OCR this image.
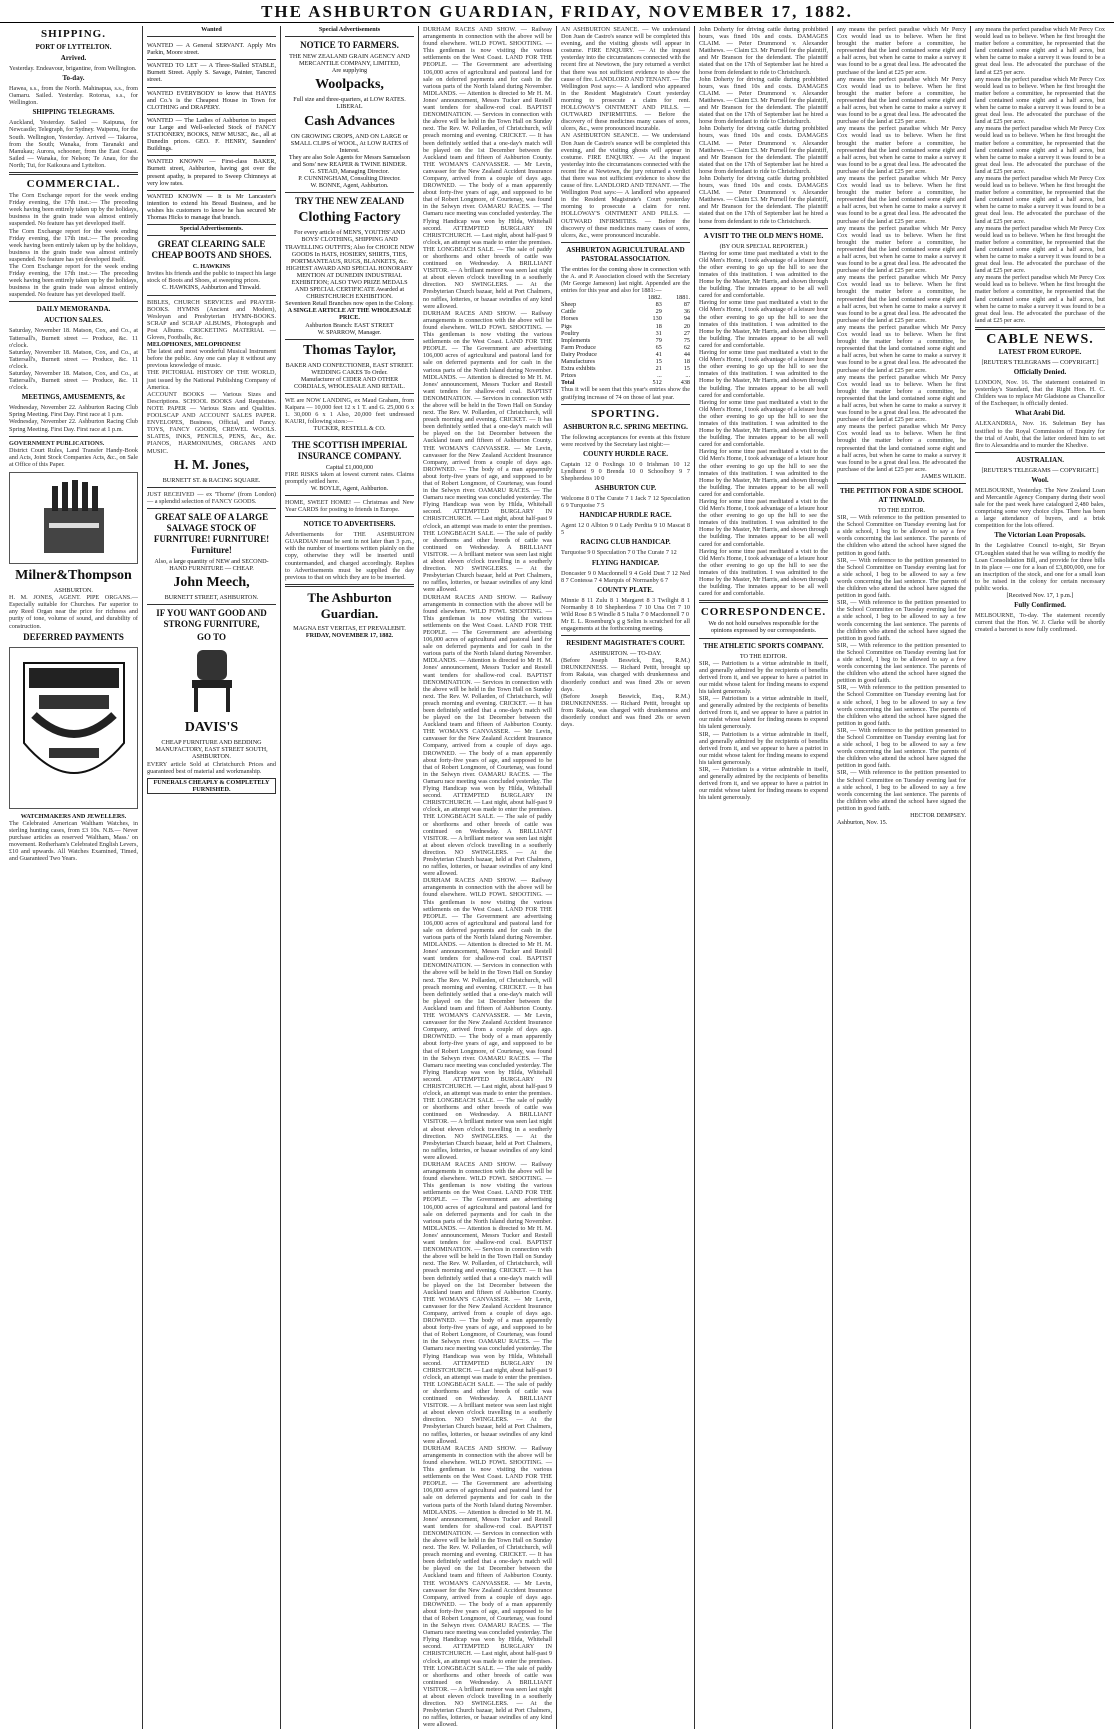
THE ASHBURTON GUARDIAN, FRIDAY, NOVEMBER 17, 1882.
SHIPPING.
PORT OF LYTTELTON.
Arrived.
Yesterday. Endeavour, brigantine, from Wellington.
To-day.
Hawea, s.s., from the North. Mahinapua, s.s., from Oamaru. Sailed. Yesterday. Rotorua, s.s., for Wellington.
SHIPPING TELEGRAMS.
Auckland, Yesterday. Sailed — Kaipuna, for Newcastle; Telegraph, for Sydney. Waipenu, for the South. Wellington, Yesterday. Arrived — Takaroa, from the South; Wanaka, from Taranaki and Manukau; Aurora, schooner, from the East Coast. Sailed — Wanaka, for Nelson; Te Anau, for the North; Tui, for Kaikoura and Lyttelton.
COMMERCIAL.
The Corn Exchange report for the week ending Friday evening, the 17th inst.:— The preceding week having been entirely taken up by the holidays, business in the grain trade was almost entirely suspended. No feature has yet developed itself.
The Corn Exchange report for the week ending Friday evening, the 17th inst.:— The preceding week having been entirely taken up by the holidays, business in the grain trade was almost entirely suspended. No feature has yet developed itself.
The Corn Exchange report for the week ending Friday evening, the 17th inst.:— The preceding week having been entirely taken up by the holidays, business in the grain trade was almost entirely suspended. No feature has yet developed itself.
DAILY MEMORANDA.
AUCTION SALES.
Saturday, November 18. Matson, Cox, and Co., at Tattersall's, Burnett street — Produce, &c. 11 o'clock.
Saturday, November 18. Matson, Cox, and Co., at Tattersall's, Burnett street — Produce, &c. 11 o'clock.
Saturday, November 18. Matson, Cox, and Co., at Tattersall's, Burnett street — Produce, &c. 11 o'clock.
MEETINGS, AMUSEMENTS, &c
Wednesday, November 22. Ashburton Racing Club Spring Meeting. First Day. First race at 1 p.m.
Wednesday, November 22. Ashburton Racing Club Spring Meeting. First Day. First race at 1 p.m.
GOVERNMENT PUBLICATIONS.
District Court Rules, Land Transfer Handy-Book and Acts, Joint Stock Companies Acts, &c., on Sale at Office of this Paper.
Milner&Thompson
ASHBURTON.
H. M. JONES, AGENT. PIPE ORGANS.— Especially suitable for Churches. Far superior to any Reed Organ near the price for richness and purity of tone, volume of sound, and durability of construction.
DEFERRED PAYMENTS
WATCHMAKERS AND JEWELLERS.
The Celebrated American Waltham Watches, in sterling hunting cases, from £3 10s. N.B.— Never purchase articles as reserved 'Waltham, Mass.' on movement. Rotherham's Celebrated English Levers, £10 and upwards. All Watches Examined, Timed, and Guaranteed Two Years.
Wanted
WANTED — A General SERVANT. Apply Mrs Parkin, Moore street.
WANTED TO LET — A Three-Stalled STABLE, Burnett Street. Apply S. Savage, Painter, Tancred street.
WANTED EVERYBODY to know that HAYES and Co.'s is the Cheapest House in Town for CLOTHING and DRAPERY.
WANTED — The Ladies of Ashburton to inspect our Large and Well-selected Stock of FANCY STATIONERY, BOOKS, NEW MUSIC, &c., all at Dunedin prices. GEO. F. HENRY, Saunders' Buildings.
WANTED KNOWN — First-class BAKER, Burnett street, Ashburton, having got over the present apathy, is prepared to Sweep Chimneys at very low rates.
WANTED KNOWN — It is Mr Lancaster's intention to extend his Bread Business, and he wishes his customers to know he has secured Mr Thomas Hicks to manage that branch.
Special Advertisements.
GREAT CLEARING SALE CHEAP BOOTS AND SHOES.
C. HAWKINS
Invites his friends and the public to inspect his large stock of Boots and Shoes, at sweeping prices.
C. HAWKINS, Ashburton and Tinwald.
BIBLES, CHURCH SERVICES and PRAYER-BOOKS. HYMNS (Ancient and Modern), Wesleyan and Presbyterian HYMN-BOOKS. SCRAP and SCRAP ALBUMS, Photograph and Post Albums. CRICKETING MATERIAL — Gloves, Footballs, &c.
MELOPHONES, MELOPHONES!
The latest and most wonderful Musical Instrument before the public. Any one can play it without any previous knowledge of music.
THE PICTORIAL HISTORY OF THE WORLD, just issued by the National Publishing Company of America.
ACCOUNT BOOKS — Various Sizes and Descriptions. SCHOOL BOOKS And Requisites. NOTE PAPER — Various Sizes and Qualities. FOOLSCAP AND ACCOUNT SALES PAPER. ENVELOPES, Business, Official, and Fancy. TOYS, FANCY GOODS, CREWEL WOOLS. SLATES, INKS, PENCILS, PENS, &c., &c. PIANOS, HARMONIUMS, ORGANS AND MUSIC.
H. M. Jones,
BURNETT ST. & RACING SQUARE.
JUST RECEIVED — ex 'Thorne' (from London) — a splendid selection of FANCY GOODS.
GREAT SALE OF A LARGE SALVAGE STOCK OF FURNITURE! FURNITURE! Furniture!
Also, a large quantity of NEW and SECOND-HAND FURNITURE — CHEAP.
John Meech,
BURNETT STREET, ASHBURTON.
IF YOU WANT GOOD AND STRONG FURNITURE,
GO TO
DAVIS'S
CHEAP FURNITURE AND BEDDING MANUFACTORY, EAST STREET SOUTH, ASHBURTON.
EVERY article Sold at Christchurch Prices and guaranteed best of material and workmanship.
FUNERALS CHEAPLY & COMPLETELY FURNISHED.
Special Advertisements
NOTICE TO FARMERS.
THE NEW ZEALAND GRAIN AGENCY AND MERCANTILE COMPANY, LIMITED,
Are supplying
Woolpacks,
Full size and three-quarters, at LOW RATES.
LIBERAL
Cash Advances
ON GROWING CROPS, AND ON LARGE or SMALL CLIPS of WOOL, At LOW RATES of Interest.
They are also Sole Agents for Messrs Samuelson and Sons' new REAPER & TWINE BINDER.
G. STEAD, Managing Director.
P. CUNNINGHAM, Consulting Director.
W. BONNE, Agent, Ashburton.
TRY THE NEW ZEALAND
Clothing Factory
For every article of MEN'S, YOUTHS' AND BOYS' CLOTHING, SHIPPING AND TRAVELLING OUTFITS; Also for CHOICE NEW GOODS In HATS, HOSIERY, SHIRTS, TIES, PORTMANTEAUS, RUGS, BLANKETS, &c.
HIGHEST AWARD AND SPECIAL HONORARY MENTION AT DUNEDIN INDUSTRIAL EXHIBITION; ALSO TWO PRIZE MEDALS AND SPECIAL CERTIFICATE Awarded at CHRISTCHURCH EXHIBITION.
Seventeen Retail Branches now open in the Colony.
A SINGLE ARTICLE AT THE WHOLESALE PRICE.
Ashburton Branch: EAST STREET
W. SPARROW, Manager.
Thomas Taylor,
BAKER AND CONFECTIONER, EAST STREET.
WEDDING CAKES To Order.
Manufacturer of CIDER AND OTHER CORDIALS, WHOLESALE AND RETAIL.
WE are NOW LANDING, ex Maud Graham, from Kaipara — 10,000 feet 12 x 1 T. and G. 25,000 6 x 1. 30,000 6 x 1 Also, 20,000 feet undressed KAURI, following sizes:—
TUCKER, RESTELL & CO.
THE SCOTTISH IMPERIAL INSURANCE COMPANY.
Capital £1,000,000
FIRE RISKS taken at lowest current rates. Claims promptly settled here.
W. BOYLE, Agent, Ashburton.
HOME, SWEET HOME! — Christmas and New Year CARDS for posting to friends in Europe.
NOTICE TO ADVERTISERS.
Advertisements for THE ASHBURTON GUARDIAN must be sent in not later than 3 p.m., with the number of insertions written plainly on the copy, otherwise they will be inserted until countermanded, and charged accordingly. Replies to Advertisements must be supplied the day previous to that on which they are to be inserted.
The Ashburton Guardian.
MAGNA EST VERITAS, ET PREVALEBIT.
FRIDAY, NOVEMBER 17, 1882.
DURHAM RACES AND SHOW. — Railway arrangements in connection with the above will be found elsewhere. WILD FOWL SHOOTING. — This gentleman is now visiting the various settlements on the West Coast. LAND FOR THE PEOPLE. — The Government are advertising 106,000 acres of agricultural and pastoral land for sale on deferred payments and for cash in the various parts of the North Island during November. MIDLANDS. — Attention is directed to Mr H. M. Jones' announcement, Messrs Tucker and Restell want tenders for shallow-rod coal. BAPTIST DENOMINATION. — Services in connection with the above will be held in the Town Hall on Sunday next. The Rev. W. Pollarden, of Christchurch, will preach morning and evening. CRICKET. — It has been definitely settled that a one-day's match will be played on the 1st December between the Auckland team and fifteen of Ashburton County. THE WOMAN'S CANVASSER. — Mr Levin, canvasser for the New Zealand Accident Insurance Company, arrived from a couple of days ago. DROWNED. — The body of a man apparently about forty-five years of age, and supposed to be that of Robert Longmore, of Courtenay, was found in the Selwyn river. OAMARU RACES. — The Oamaru race meeting was concluded yesterday. The Flying Handicap was won by Hilda, Whitehall second. ATTEMPTED BURGLARY IN CHRISTCHURCH. — Last night, about half-past 9 o'clock, an attempt was made to enter the premises. THE LONGBEACH SALE. — The sale of paddy or shorthorns and other breeds of cattle was continued on Wednesday. A BRILLIANT VISITOR. — A brilliant meteor was seen last night at about eleven o'clock travelling in a southerly direction. NO SWINGLERS. — At the Presbyterian Church bazaar, held at Port Chalmers, no raffles, lotteries, or bazaar swindles of any kind were allowed.
DURHAM RACES AND SHOW. — Railway arrangements in connection with the above will be found elsewhere. WILD FOWL SHOOTING. — This gentleman is now visiting the various settlements on the West Coast. LAND FOR THE PEOPLE. — The Government are advertising 106,000 acres of agricultural and pastoral land for sale on deferred payments and for cash in the various parts of the North Island during November. MIDLANDS. — Attention is directed to Mr H. M. Jones' announcement, Messrs Tucker and Restell want tenders for shallow-rod coal. BAPTIST DENOMINATION. — Services in connection with the above will be held in the Town Hall on Sunday next. The Rev. W. Pollarden, of Christchurch, will preach morning and evening. CRICKET. — It has been definitely settled that a one-day's match will be played on the 1st December between the Auckland team and fifteen of Ashburton County. THE WOMAN'S CANVASSER. — Mr Levin, canvasser for the New Zealand Accident Insurance Company, arrived from a couple of days ago. DROWNED. — The body of a man apparently about forty-five years of age, and supposed to be that of Robert Longmore, of Courtenay, was found in the Selwyn river. OAMARU RACES. — The Oamaru race meeting was concluded yesterday. The Flying Handicap was won by Hilda, Whitehall second. ATTEMPTED BURGLARY IN CHRISTCHURCH. — Last night, about half-past 9 o'clock, an attempt was made to enter the premises. THE LONGBEACH SALE. — The sale of paddy or shorthorns and other breeds of cattle was continued on Wednesday. A BRILLIANT VISITOR. — A brilliant meteor was seen last night at about eleven o'clock travelling in a southerly direction. NO SWINGLERS. — At the Presbyterian Church bazaar, held at Port Chalmers, no raffles, lotteries, or bazaar swindles of any kind were allowed.
DURHAM RACES AND SHOW. — Railway arrangements in connection with the above will be found elsewhere. WILD FOWL SHOOTING. — This gentleman is now visiting the various settlements on the West Coast. LAND FOR THE PEOPLE. — The Government are advertising 106,000 acres of agricultural and pastoral land for sale on deferred payments and for cash in the various parts of the North Island during November. MIDLANDS. — Attention is directed to Mr H. M. Jones' announcement, Messrs Tucker and Restell want tenders for shallow-rod coal. BAPTIST DENOMINATION. — Services in connection with the above will be held in the Town Hall on Sunday next. The Rev. W. Pollarden, of Christchurch, will preach morning and evening. CRICKET. — It has been definitely settled that a one-day's match will be played on the 1st December between the Auckland team and fifteen of Ashburton County. THE WOMAN'S CANVASSER. — Mr Levin, canvasser for the New Zealand Accident Insurance Company, arrived from a couple of days ago. DROWNED. — The body of a man apparently about forty-five years of age, and supposed to be that of Robert Longmore, of Courtenay, was found in the Selwyn river. OAMARU RACES. — The Oamaru race meeting was concluded yesterday. The Flying Handicap was won by Hilda, Whitehall second. ATTEMPTED BURGLARY IN CHRISTCHURCH. — Last night, about half-past 9 o'clock, an attempt was made to enter the premises. THE LONGBEACH SALE. — The sale of paddy or shorthorns and other breeds of cattle was continued on Wednesday. A BRILLIANT VISITOR. — A brilliant meteor was seen last night at about eleven o'clock travelling in a southerly direction. NO SWINGLERS. — At the Presbyterian Church bazaar, held at Port Chalmers, no raffles, lotteries, or bazaar swindles of any kind were allowed.
DURHAM RACES AND SHOW. — Railway arrangements in connection with the above will be found elsewhere. WILD FOWL SHOOTING. — This gentleman is now visiting the various settlements on the West Coast. LAND FOR THE PEOPLE. — The Government are advertising 106,000 acres of agricultural and pastoral land for sale on deferred payments and for cash in the various parts of the North Island during November. MIDLANDS. — Attention is directed to Mr H. M. Jones' announcement, Messrs Tucker and Restell want tenders for shallow-rod coal. BAPTIST DENOMINATION. — Services in connection with the above will be held in the Town Hall on Sunday next. The Rev. W. Pollarden, of Christchurch, will preach morning and evening. CRICKET. — It has been definitely settled that a one-day's match will be played on the 1st December between the Auckland team and fifteen of Ashburton County. THE WOMAN'S CANVASSER. — Mr Levin, canvasser for the New Zealand Accident Insurance Company, arrived from a couple of days ago. DROWNED. — The body of a man apparently about forty-five years of age, and supposed to be that of Robert Longmore, of Courtenay, was found in the Selwyn river. OAMARU RACES. — The Oamaru race meeting was concluded yesterday. The Flying Handicap was won by Hilda, Whitehall second. ATTEMPTED BURGLARY IN CHRISTCHURCH. — Last night, about half-past 9 o'clock, an attempt was made to enter the premises. THE LONGBEACH SALE. — The sale of paddy or shorthorns and other breeds of cattle was continued on Wednesday. A BRILLIANT VISITOR. — A brilliant meteor was seen last night at about eleven o'clock travelling in a southerly direction. NO SWINGLERS. — At the Presbyterian Church bazaar, held at Port Chalmers, no raffles, lotteries, or bazaar swindles of any kind were allowed.
DURHAM RACES AND SHOW. — Railway arrangements in connection with the above will be found elsewhere. WILD FOWL SHOOTING. — This gentleman is now visiting the various settlements on the West Coast. LAND FOR THE PEOPLE. — The Government are advertising 106,000 acres of agricultural and pastoral land for sale on deferred payments and for cash in the various parts of the North Island during November. MIDLANDS. — Attention is directed to Mr H. M. Jones' announcement, Messrs Tucker and Restell want tenders for shallow-rod coal. BAPTIST DENOMINATION. — Services in connection with the above will be held in the Town Hall on Sunday next. The Rev. W. Pollarden, of Christchurch, will preach morning and evening. CRICKET. — It has been definitely settled that a one-day's match will be played on the 1st December between the Auckland team and fifteen of Ashburton County. THE WOMAN'S CANVASSER. — Mr Levin, canvasser for the New Zealand Accident Insurance Company, arrived from a couple of days ago. DROWNED. — The body of a man apparently about forty-five years of age, and supposed to be that of Robert Longmore, of Courtenay, was found in the Selwyn river. OAMARU RACES. — The Oamaru race meeting was concluded yesterday. The Flying Handicap was won by Hilda, Whitehall second. ATTEMPTED BURGLARY IN CHRISTCHURCH. — Last night, about half-past 9 o'clock, an attempt was made to enter the premises. THE LONGBEACH SALE. — The sale of paddy or shorthorns and other breeds of cattle was continued on Wednesday. A BRILLIANT VISITOR. — A brilliant meteor was seen last night at about eleven o'clock travelling in a southerly direction. NO SWINGLERS. — At the Presbyterian Church bazaar, held at Port Chalmers, no raffles, lotteries, or bazaar swindles of any kind were allowed.
DURHAM RACES AND SHOW. — Railway arrangements in connection with the above will be found elsewhere. WILD FOWL SHOOTING. — This gentleman is now visiting the various settlements on the West Coast. LAND FOR THE PEOPLE. — The Government are advertising 106,000 acres of agricultural and pastoral land for sale on deferred payments and for cash in the various parts of the North Island during November. MIDLANDS. — Attention is directed to Mr H. M. Jones' announcement, Messrs Tucker and Restell want tenders for shallow-rod coal. BAPTIST DENOMINATION. — Services in connection with the above will be held in the Town Hall on Sunday next. The Rev. W. Pollarden, of Christchurch, will preach morning and evening. CRICKET. — It has been definitely settled that a one-day's match will be played on the 1st December between the Auckland team and fifteen of Ashburton County. THE WOMAN'S CANVASSER. — Mr Levin, canvasser for the New Zealand Accident Insurance Company, arrived from a couple of days ago. DROWNED. — The body of a man apparently about forty-five years of age, and supposed to be that of Robert Longmore, of Courtenay, was found in the Selwyn river. OAMARU RACES. — The Oamaru race meeting was concluded yesterday. The Flying Handicap was won by Hilda, Whitehall second. ATTEMPTED BURGLARY IN CHRISTCHURCH. — Last night, about half-past 9 o'clock, an attempt was made to enter the premises. THE LONGBEACH SALE. — The sale of paddy or shorthorns and other breeds of cattle was continued on Wednesday. A BRILLIANT VISITOR. — A brilliant meteor was seen last night at about eleven o'clock travelling in a southerly direction. NO SWINGLERS. — At the Presbyterian Church bazaar, held at Port Chalmers, no raffles, lotteries, or bazaar swindles of any kind were allowed.
AN ASHBURTON SEANCE. — We understand Don Juan de Castro's seance will be completed this evening, and the visiting ghosts will appear in costume. FIRE ENQUIRY. — At the inquest yesterday into the circumstances connected with the recent fire at Newtown, the jury returned a verdict that there was not sufficient evidence to show the cause of fire. LANDLORD AND TENANT. — The Wellington Post says:— A landlord who appeared in the Resident Magistrate's Court yesterday morning to prosecute a claim for rent. HOLLOWAY'S OINTMENT AND PILLS. — OUTWARD INFIRMITIES. — Before the discovery of these medicines many cases of sores, ulcers, &c., were pronounced incurable.
AN ASHBURTON SEANCE. — We understand Don Juan de Castro's seance will be completed this evening, and the visiting ghosts will appear in costume. FIRE ENQUIRY. — At the inquest yesterday into the circumstances connected with the recent fire at Newtown, the jury returned a verdict that there was not sufficient evidence to show the cause of fire. LANDLORD AND TENANT. — The Wellington Post says:— A landlord who appeared in the Resident Magistrate's Court yesterday morning to prosecute a claim for rent. HOLLOWAY'S OINTMENT AND PILLS. — OUTWARD INFIRMITIES. — Before the discovery of these medicines many cases of sores, ulcers, &c., were pronounced incurable.
ASHBURTON AGRICULTURAL AND PASTORAL ASSOCIATION.
The entries for the coming show in connection with the A. and P. Association closed with the Secretary (Mr George Jameson) last night. Appended are the entries for this year and also for 1881:—
	1882.	1881.
Sheep	83	87
Cattle	29	36
Horses	130	94
Pigs	18	20
Poultry	31	27
Implements	79	75
Farm Produce	65	62
Dairy Produce	41	44
Manufactures	15	18
Extra exhibits	21	15
Prizes	...	...
Total	512	438
Thus it will be seen that this year's entries show the gratifying increase of 74 on those of last year.
SPORTING.
ASHBURTON R.C. SPRING MEETING.
The following acceptances for events at this fixture were received by the Secretary last night:—
COUNTY HURDLE RACE.
Captain 12 0 Foxlings 10 0 Irishman 10 12 Lyndhurst 9 0 Brenda 10 0 Schoolboy 9 7 Shepherdess 10 0
ASHBURTON CUP.
Welcome 8 0 The Curate 7 1 Jack 7 12 Speculation 6 9 Turquoise 7 5
HANDICAP HURDLE RACE.
Agent 12 0 Albion 9 0 Lady Perdita 9 10 Mascat 8 5
RACING CLUB HANDICAP.
Turquoise 9 0 Speculation 7 0 The Curate 7 12
FLYING HANDICAP.
Doncaster 9 0 Macdonnell 9 4 Gold Dust 7 12 Ned 8 7 Contessa 7 4 Marquis of Normanby 6 7
COUNTY PLATE.
Minnie 8 11 Zulu 8 1 Margaret 8 3 Twilight 8 1 Normanby 8 10 Shepherdess 7 10 Una Ort 7 10 Wild Rose 8 5 Windle 8 5 Italia 7 0 Macdonnell 7 0
Mr E. L. Rosenburg's g g Selim is scratched for all engagements at the forthcoming meeting.
RESIDENT MAGISTRATE'S COURT.
ASHBURTON. — TO-DAY.
(Before Joseph Beswick, Esq., R.M.) DRUNKENNESS. — Richard Pettit, brought up from Rakaia, was charged with drunkenness and disorderly conduct and was fined 20s or seven days.
(Before Joseph Beswick, Esq., R.M.) DRUNKENNESS. — Richard Pettit, brought up from Rakaia, was charged with drunkenness and disorderly conduct and was fined 20s or seven days.
John Doherty for driving cattle during prohibited hours, was fined 10s and costs. DAMAGES CLAIM. — Peter Drummond v. Alexander Matthews. — Claim £3. Mr Purnell for the plaintiff, and Mr Branson for the defendant. The plaintiff stated that on the 17th of September last he hired a horse from defendant to ride to Christchurch.
John Doherty for driving cattle during prohibited hours, was fined 10s and costs. DAMAGES CLAIM. — Peter Drummond v. Alexander Matthews. — Claim £3. Mr Purnell for the plaintiff, and Mr Branson for the defendant. The plaintiff stated that on the 17th of September last he hired a horse from defendant to ride to Christchurch.
John Doherty for driving cattle during prohibited hours, was fined 10s and costs. DAMAGES CLAIM. — Peter Drummond v. Alexander Matthews. — Claim £3. Mr Purnell for the plaintiff, and Mr Branson for the defendant. The plaintiff stated that on the 17th of September last he hired a horse from defendant to ride to Christchurch.
John Doherty for driving cattle during prohibited hours, was fined 10s and costs. DAMAGES CLAIM. — Peter Drummond v. Alexander Matthews. — Claim £3. Mr Purnell for the plaintiff, and Mr Branson for the defendant. The plaintiff stated that on the 17th of September last he hired a horse from defendant to ride to Christchurch.
A VISIT TO THE OLD MEN'S HOME.
(BY OUR SPECIAL REPORTER.)
Having for some time past meditated a visit to the Old Men's Home, I took advantage of a leisure hour the other evening to go up the hill to see the inmates of this institution. I was admitted to the Home by the Master, Mr Harris, and shown through the building. The inmates appear to be all well cared for and comfortable.
Having for some time past meditated a visit to the Old Men's Home, I took advantage of a leisure hour the other evening to go up the hill to see the inmates of this institution. I was admitted to the Home by the Master, Mr Harris, and shown through the building. The inmates appear to be all well cared for and comfortable.
Having for some time past meditated a visit to the Old Men's Home, I took advantage of a leisure hour the other evening to go up the hill to see the inmates of this institution. I was admitted to the Home by the Master, Mr Harris, and shown through the building. The inmates appear to be all well cared for and comfortable.
Having for some time past meditated a visit to the Old Men's Home, I took advantage of a leisure hour the other evening to go up the hill to see the inmates of this institution. I was admitted to the Home by the Master, Mr Harris, and shown through the building. The inmates appear to be all well cared for and comfortable.
Having for some time past meditated a visit to the Old Men's Home, I took advantage of a leisure hour the other evening to go up the hill to see the inmates of this institution. I was admitted to the Home by the Master, Mr Harris, and shown through the building. The inmates appear to be all well cared for and comfortable.
Having for some time past meditated a visit to the Old Men's Home, I took advantage of a leisure hour the other evening to go up the hill to see the inmates of this institution. I was admitted to the Home by the Master, Mr Harris, and shown through the building. The inmates appear to be all well cared for and comfortable.
Having for some time past meditated a visit to the Old Men's Home, I took advantage of a leisure hour the other evening to go up the hill to see the inmates of this institution. I was admitted to the Home by the Master, Mr Harris, and shown through the building. The inmates appear to be all well cared for and comfortable.
CORRESPONDENCE.
We do not hold ourselves responsible for the opinions expressed by our correspondents.
THE ATHLETIC SPORTS COMPANY.
TO THE EDITOR.
SIR, — Patriotism is a virtue admirable in itself, and generally admired by the recipients of benefits derived from it, and we appear to have a patriot in our midst whose talent for finding means to expend his talent generously.
SIR, — Patriotism is a virtue admirable in itself, and generally admired by the recipients of benefits derived from it, and we appear to have a patriot in our midst whose talent for finding means to expend his talent generously.
SIR, — Patriotism is a virtue admirable in itself, and generally admired by the recipients of benefits derived from it, and we appear to have a patriot in our midst whose talent for finding means to expend his talent generously.
SIR, — Patriotism is a virtue admirable in itself, and generally admired by the recipients of benefits derived from it, and we appear to have a patriot in our midst whose talent for finding means to expend his talent generously.
any means the perfect paradise which Mr Percy Cox would lead us to believe. When he first brought the matter before a committee, he represented that the land contained some eight and a half acres, but when he came to make a survey it was found to be a great deal less. He advocated the purchase of the land at £25 per acre.
any means the perfect paradise which Mr Percy Cox would lead us to believe. When he first brought the matter before a committee, he represented that the land contained some eight and a half acres, but when he came to make a survey it was found to be a great deal less. He advocated the purchase of the land at £25 per acre.
any means the perfect paradise which Mr Percy Cox would lead us to believe. When he first brought the matter before a committee, he represented that the land contained some eight and a half acres, but when he came to make a survey it was found to be a great deal less. He advocated the purchase of the land at £25 per acre.
any means the perfect paradise which Mr Percy Cox would lead us to believe. When he first brought the matter before a committee, he represented that the land contained some eight and a half acres, but when he came to make a survey it was found to be a great deal less. He advocated the purchase of the land at £25 per acre.
any means the perfect paradise which Mr Percy Cox would lead us to believe. When he first brought the matter before a committee, he represented that the land contained some eight and a half acres, but when he came to make a survey it was found to be a great deal less. He advocated the purchase of the land at £25 per acre.
any means the perfect paradise which Mr Percy Cox would lead us to believe. When he first brought the matter before a committee, he represented that the land contained some eight and a half acres, but when he came to make a survey it was found to be a great deal less. He advocated the purchase of the land at £25 per acre.
any means the perfect paradise which Mr Percy Cox would lead us to believe. When he first brought the matter before a committee, he represented that the land contained some eight and a half acres, but when he came to make a survey it was found to be a great deal less. He advocated the purchase of the land at £25 per acre.
any means the perfect paradise which Mr Percy Cox would lead us to believe. When he first brought the matter before a committee, he represented that the land contained some eight and a half acres, but when he came to make a survey it was found to be a great deal less. He advocated the purchase of the land at £25 per acre.
any means the perfect paradise which Mr Percy Cox would lead us to believe. When he first brought the matter before a committee, he represented that the land contained some eight and a half acres, but when he came to make a survey it was found to be a great deal less. He advocated the purchase of the land at £25 per acre.
JAMES WILKIE.
THE PETITION FOR A SIDE SCHOOL AT TINWALD.
TO THE EDITOR.
SIR, — With reference to the petition presented to the School Committee on Tuesday evening last for a side school, I beg to be allowed to say a few words concerning the last sentence. The parents of the children who attend the school have signed the petition in good faith.
SIR, — With reference to the petition presented to the School Committee on Tuesday evening last for a side school, I beg to be allowed to say a few words concerning the last sentence. The parents of the children who attend the school have signed the petition in good faith.
SIR, — With reference to the petition presented to the School Committee on Tuesday evening last for a side school, I beg to be allowed to say a few words concerning the last sentence. The parents of the children who attend the school have signed the petition in good faith.
SIR, — With reference to the petition presented to the School Committee on Tuesday evening last for a side school, I beg to be allowed to say a few words concerning the last sentence. The parents of the children who attend the school have signed the petition in good faith.
SIR, — With reference to the petition presented to the School Committee on Tuesday evening last for a side school, I beg to be allowed to say a few words concerning the last sentence. The parents of the children who attend the school have signed the petition in good faith.
SIR, — With reference to the petition presented to the School Committee on Tuesday evening last for a side school, I beg to be allowed to say a few words concerning the last sentence. The parents of the children who attend the school have signed the petition in good faith.
SIR, — With reference to the petition presented to the School Committee on Tuesday evening last for a side school, I beg to be allowed to say a few words concerning the last sentence. The parents of the children who attend the school have signed the petition in good faith.
HECTOR DEMPSEY.
Ashburton, Nov. 15.
any means the perfect paradise which Mr Percy Cox would lead us to believe. When he first brought the matter before a committee, he represented that the land contained some eight and a half acres, but when he came to make a survey it was found to be a great deal less. He advocated the purchase of the land at £25 per acre.
any means the perfect paradise which Mr Percy Cox would lead us to believe. When he first brought the matter before a committee, he represented that the land contained some eight and a half acres, but when he came to make a survey it was found to be a great deal less. He advocated the purchase of the land at £25 per acre.
any means the perfect paradise which Mr Percy Cox would lead us to believe. When he first brought the matter before a committee, he represented that the land contained some eight and a half acres, but when he came to make a survey it was found to be a great deal less. He advocated the purchase of the land at £25 per acre.
any means the perfect paradise which Mr Percy Cox would lead us to believe. When he first brought the matter before a committee, he represented that the land contained some eight and a half acres, but when he came to make a survey it was found to be a great deal less. He advocated the purchase of the land at £25 per acre.
any means the perfect paradise which Mr Percy Cox would lead us to believe. When he first brought the matter before a committee, he represented that the land contained some eight and a half acres, but when he came to make a survey it was found to be a great deal less. He advocated the purchase of the land at £25 per acre.
any means the perfect paradise which Mr Percy Cox would lead us to believe. When he first brought the matter before a committee, he represented that the land contained some eight and a half acres, but when he came to make a survey it was found to be a great deal less. He advocated the purchase of the land at £25 per acre.
CABLE NEWS.
LATEST FROM EUROPE.
[REUTER'S TELEGRAMS — COPYRIGHT.]
Officially Denied.
LONDON, Nov. 16. The statement contained in yesterday's Standard, that the Right Hon. H. C. Childers was to replace Mr Gladstone as Chancellor of the Exchequer, is officially denied.
What Arabi Did.
ALEXANDRIA, Nov. 16. Suleiman Bey has testified to the Royal Commission of Enquiry for the trial of Arabi, that the latter ordered him to set fire to Alexandria and to murder the Khedive.
AUSTRALIAN.
[REUTER'S TELEGRAMS — COPYRIGHT.]
Wool.
MELBOURNE, Yesterday. The New Zealand Loan and Mercantile Agency Company during their wool sale for the past week have catalogued 2,480 bales, comprising some very choice clips. There has been a large attendance of buyers, and a brisk competition for the lots offered.
The Victorian Loan Proposals.
In the Legislative Council to-night, Sir Bryan O'Loughlen stated that he was willing to modify the Loan Consolidation Bill, and provide for three bills in its place — one for a loan of £3,800,000, one for an inscription of the stock, and one for a small loan to be raised in the colony for certain necessary public works.
[Received Nov. 17, 1 p.m.]
Fully Confirmed.
MELBOURNE, To-day. The statement recently current that the Hon. W. J. Clarke will be shortly created a baronet is now fully confirmed.
